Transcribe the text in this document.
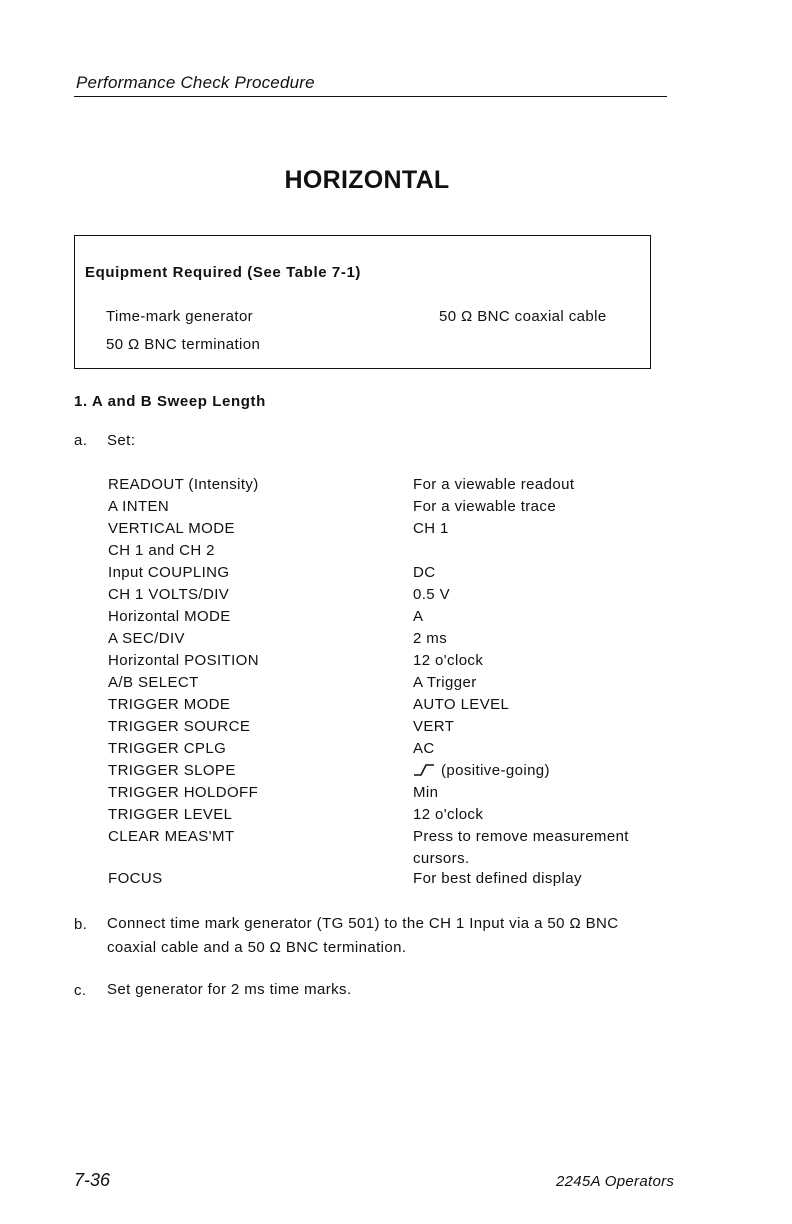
Performance Check Procedure
HORIZONTAL
Equipment Required (See Table 7-1)
Time-mark generator	50 Ω BNC coaxial cable
50 Ω BNC termination
1. A and B Sweep Length
a. Set:
READOUT (Intensity)	For a viewable readout
A INTEN	For a viewable trace
VERTICAL MODE	CH 1
CH 1 and CH 2
Input COUPLING	DC
CH 1 VOLTS/DIV	0.5 V
Horizontal MODE	A
A SEC/DIV	2 ms
Horizontal POSITION	12 o'clock
A/B SELECT	A Trigger
TRIGGER MODE	AUTO LEVEL
TRIGGER SOURCE	VERT
TRIGGER CPLG	AC
TRIGGER SLOPE	(positive-going)
TRIGGER HOLDOFF	Min
TRIGGER LEVEL	12 o'clock
CLEAR MEAS'MT	Press to remove measurement cursors.
FOCUS	For best defined display
b. Connect time mark generator (TG 501) to the CH 1 Input via a 50 Ω BNC coaxial cable and a 50 Ω BNC termination.
c. Set generator for 2 ms time marks.
7-36	2245A Operators
